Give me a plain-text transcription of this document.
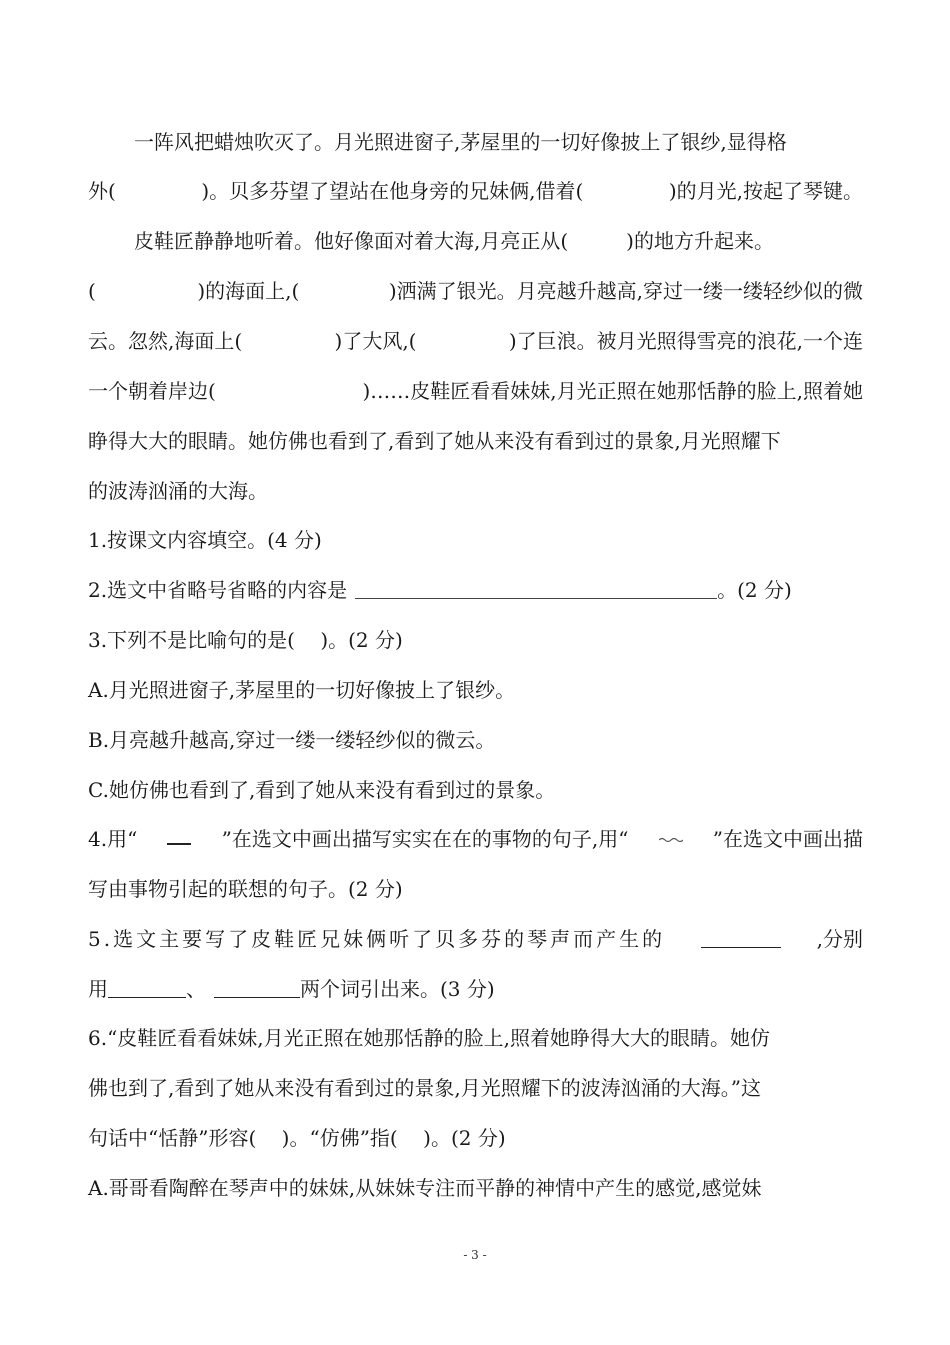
一阵风把蜡烛吹灭了。月光照进窗子,茅屋里的一切好像披上了银纱,显得格
外(	)。贝多芬望了望站在他身旁的兄妹俩,借着(	)的月光,按起了琴键。
皮鞋匠静静地听着。他好像面对着大海,月亮正从(	)的地方升起来。
(	)的海面上,(	)洒满了银光。月亮越升越高,穿过一缕一缕轻纱似的微
云。忽然,海面上(	)了大风,(	)了巨浪。被月光照得雪亮的浪花,一个连
一个朝着岸边(	)……皮鞋匠看看妹妹,月光正照在她那恬静的脸上,照着她
睁得大大的眼睛。她仿佛也看到了,看到了她从来没有看到过的景象,月光照耀下
的波涛汹涌的大海。
1.按课文内容填空。(4 分)
2.选文中省略号省略的内容是	。(2 分)
3.下列不是比喻句的是(    )。(2 分)
A.月光照进窗子,茅屋里的一切好像披上了银纱。
B.月亮越升越高,穿过一缕一缕轻纱似的微云。
C.她仿佛也看到了,看到了她从来没有看到过的景象。
4.用“	”在选文中画出描写实实在在的事物的句子,用“	”在选文中画出描
写由事物引起的联想的句子。(2 分)
5.选文主要写了皮鞋匠兄妹俩听了贝多芬的琴声而产生的	,分别
用	、	两个词引出来。(3 分)
6.“皮鞋匠看看妹妹,月光正照在她那恬静的脸上,照着她睁得大大的眼睛。她仿
佛也到了,看到了她从来没有看到过的景象,月光照耀下的波涛汹涌的大海。”这
句话中“恬静”形容(    )。“仿佛”指(    )。(2 分)
A.哥哥看陶醉在琴声中的妹妹,从妹妹专注而平静的神情中产生的感觉,感觉妹
- 3 -
